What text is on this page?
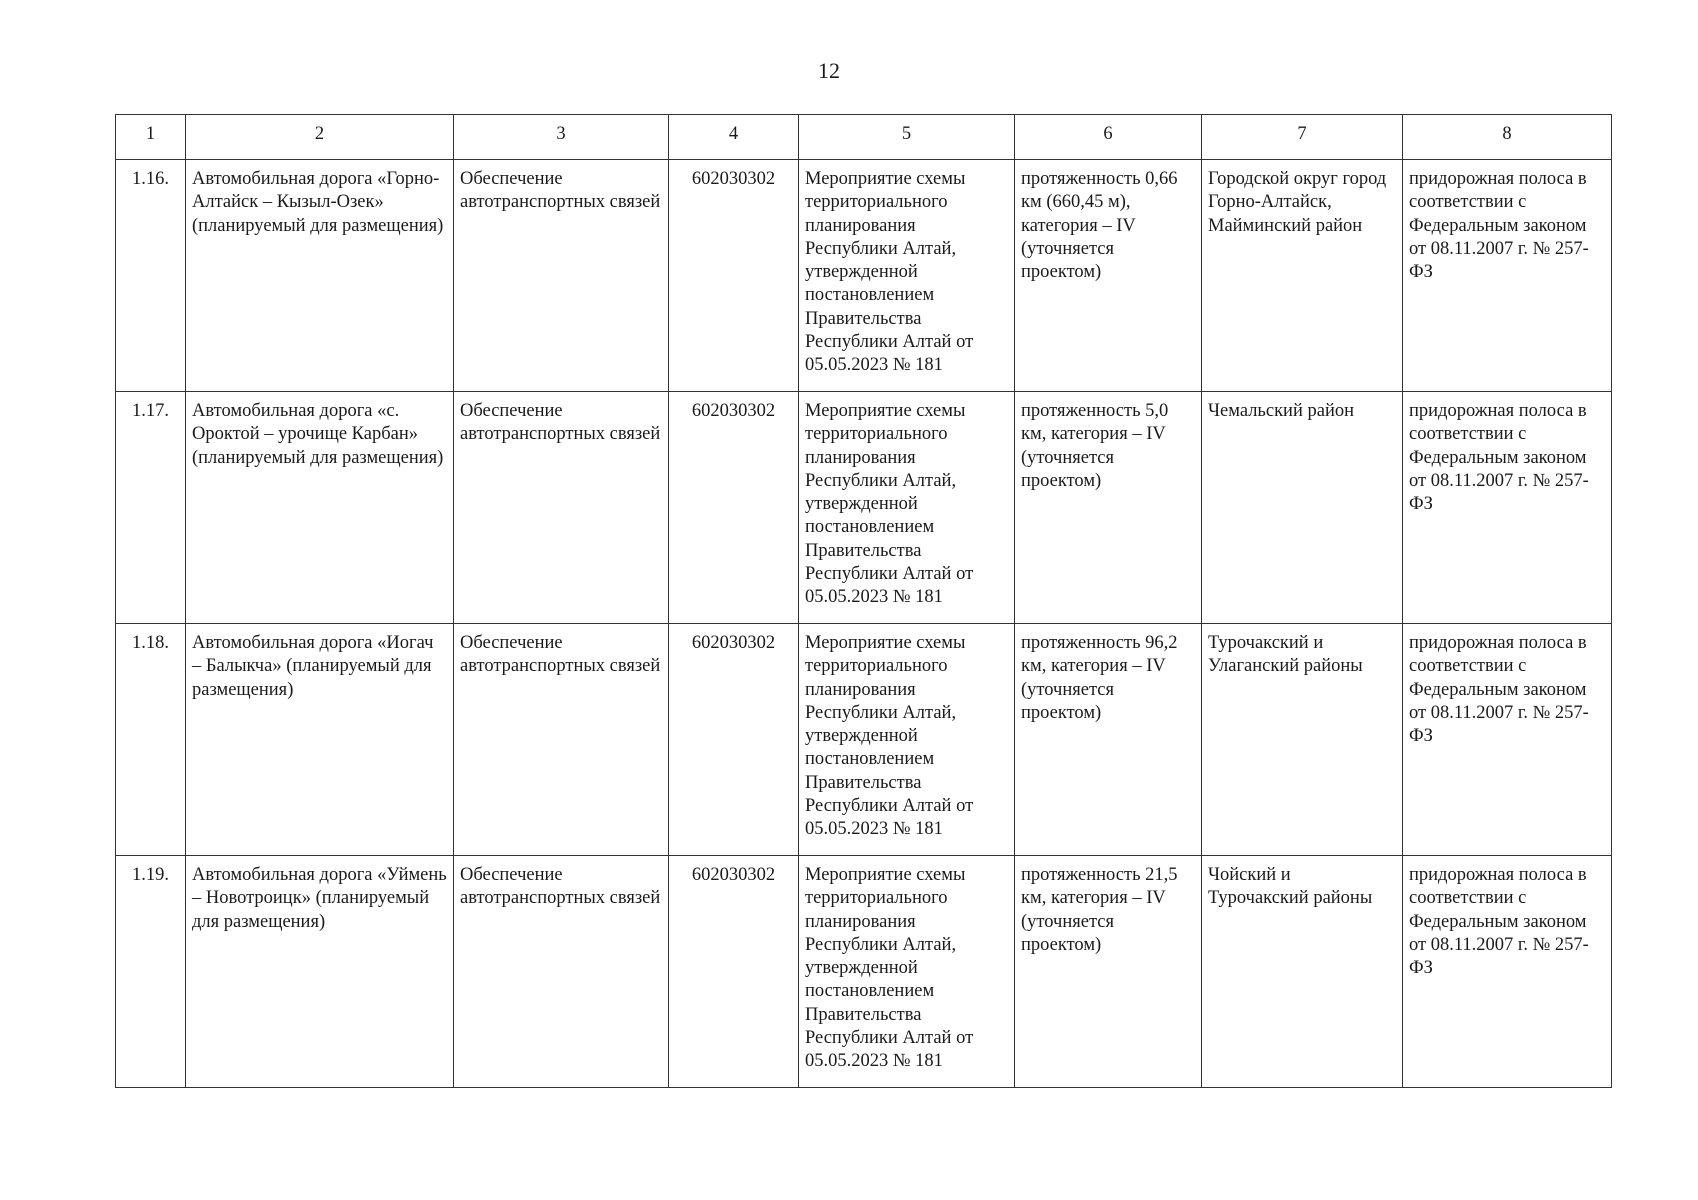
12
1	2	3	4	5	6	7	8
1.16.	Автомобильная дорога «Горно-Алтайск – Кызыл-Озек» (планируемый для размещения)	Обеспечение автотранспортных связей	602030302	Мероприятие схемы территориального планирования Республики Алтай, утвержденной постановлением Правительства Республики Алтай от 05.05.2023 № 181	протяженность 0,66 км (660,45 м), категория – IV (уточняется проектом)	Городской округ город Горно-Алтайск, Майминский район	придорожная полоса в соответствии с Федеральным законом от 08.11.2007 г. № 257-ФЗ
1.17.	Автомобильная дорога «с. Ороктой – урочище Карбан» (планируемый для размещения)	Обеспечение автотранспортных связей	602030302	Мероприятие схемы территориального планирования Республики Алтай, утвержденной постановлением Правительства Республики Алтай от 05.05.2023 № 181	протяженность 5,0 км, категория – IV (уточняется проектом)	Чемальский район	придорожная полоса в соответствии с Федеральным законом от 08.11.2007 г. № 257-ФЗ
1.18.	Автомобильная дорога «Иогач – Балыкча» (планируемый для размещения)	Обеспечение автотранспортных связей	602030302	Мероприятие схемы территориального планирования Республики Алтай, утвержденной постановлением Правительства Республики Алтай от 05.05.2023 № 181	протяженность 96,2 км, категория – IV (уточняется проектом)	Турочакский и Улаганский районы	придорожная полоса в соответствии с Федеральным законом от 08.11.2007 г. № 257-ФЗ
1.19.	Автомобильная дорога «Уймень – Новотроицк» (планируемый для размещения)	Обеспечение автотранспортных связей	602030302	Мероприятие схемы территориального планирования Республики Алтай, утвержденной постановлением Правительства Республики Алтай от 05.05.2023 № 181	протяженность 21,5 км, категория – IV (уточняется проектом)	Чойский и Турочакский районы	придорожная полоса в соответствии с Федеральным законом от 08.11.2007 г. № 257-ФЗ
